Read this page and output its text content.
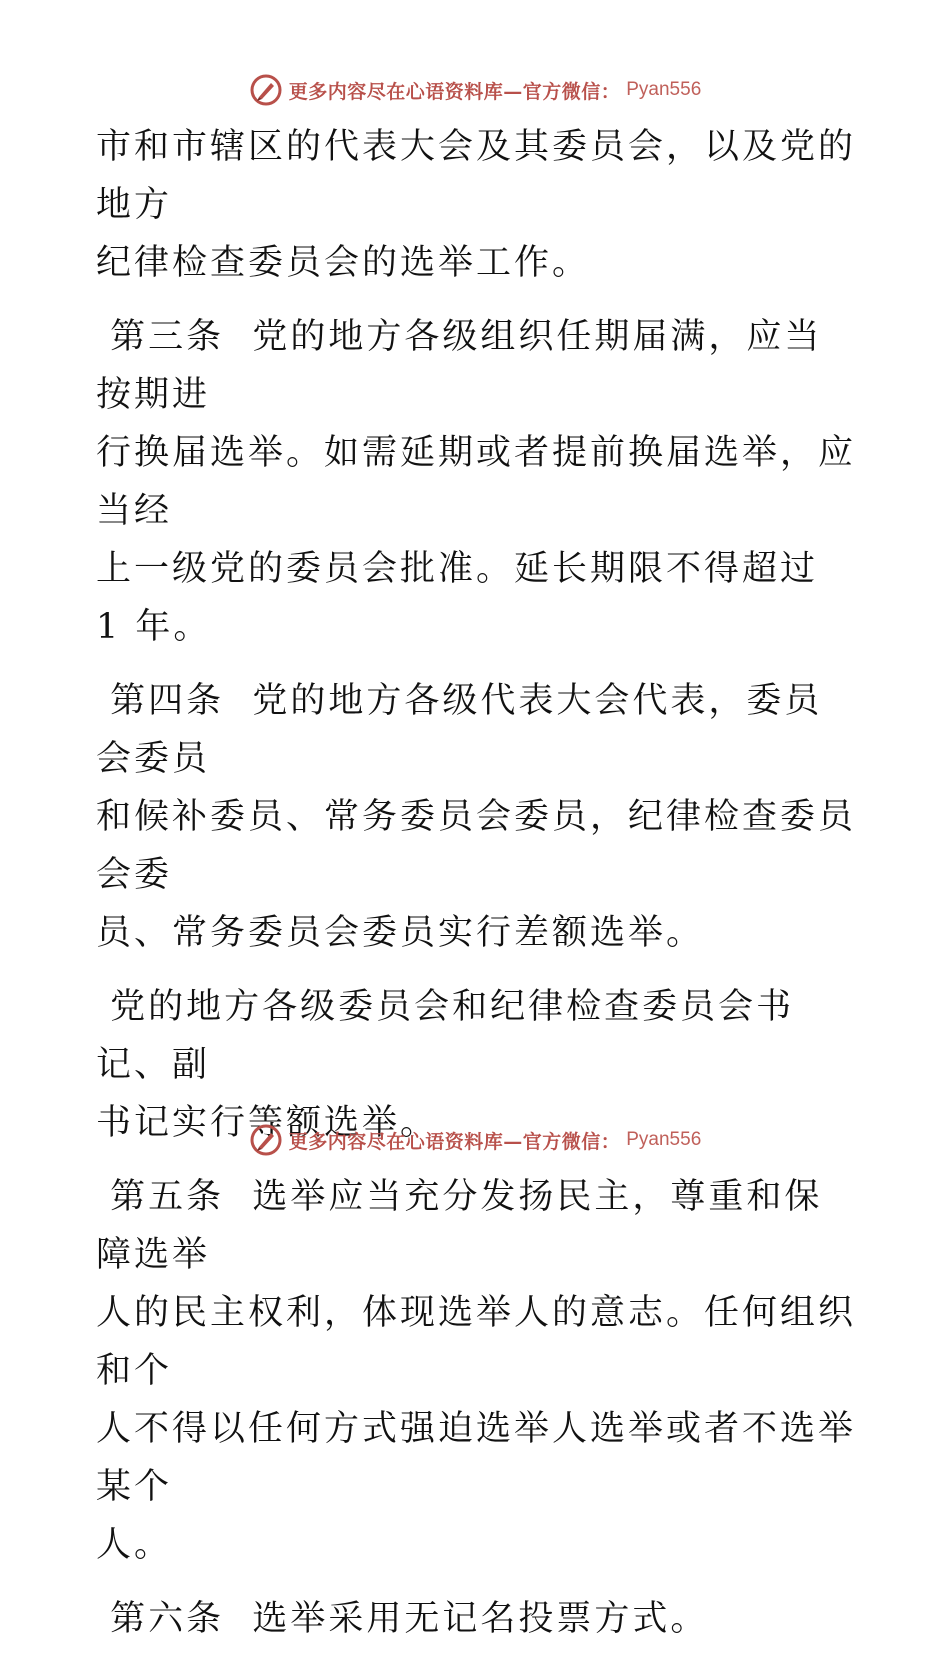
更多内容尽在心语资料库—官方微信： Pyan556

市和市辖区的代表大会及其委员会，以及党的地方
纪律检查委员会的选举工作。

第三条  党的地方各级组织任期届满，应当按期进
行换届选举。如需延期或者提前换届选举，应当经
上一级党的委员会批准。延长期限不得超过 1 年。

第四条  党的地方各级代表大会代表，委员会委员
和候补委员、常务委员会委员，纪律检查委员会委
员、常务委员会委员实行差额选举。

党的地方各级委员会和纪律检查委员会书记、副
书记实行等额选举。

第五条  选举应当充分发扬民主，尊重和保障选举
人的民主权利，体现选举人的意志。任何组织和个
人不得以任何方式强迫选举人选举或者不选举某个
人。

第六条  选举采用无记名投票方式。

更多内容尽在心语资料库—官方微信： Pyan556
